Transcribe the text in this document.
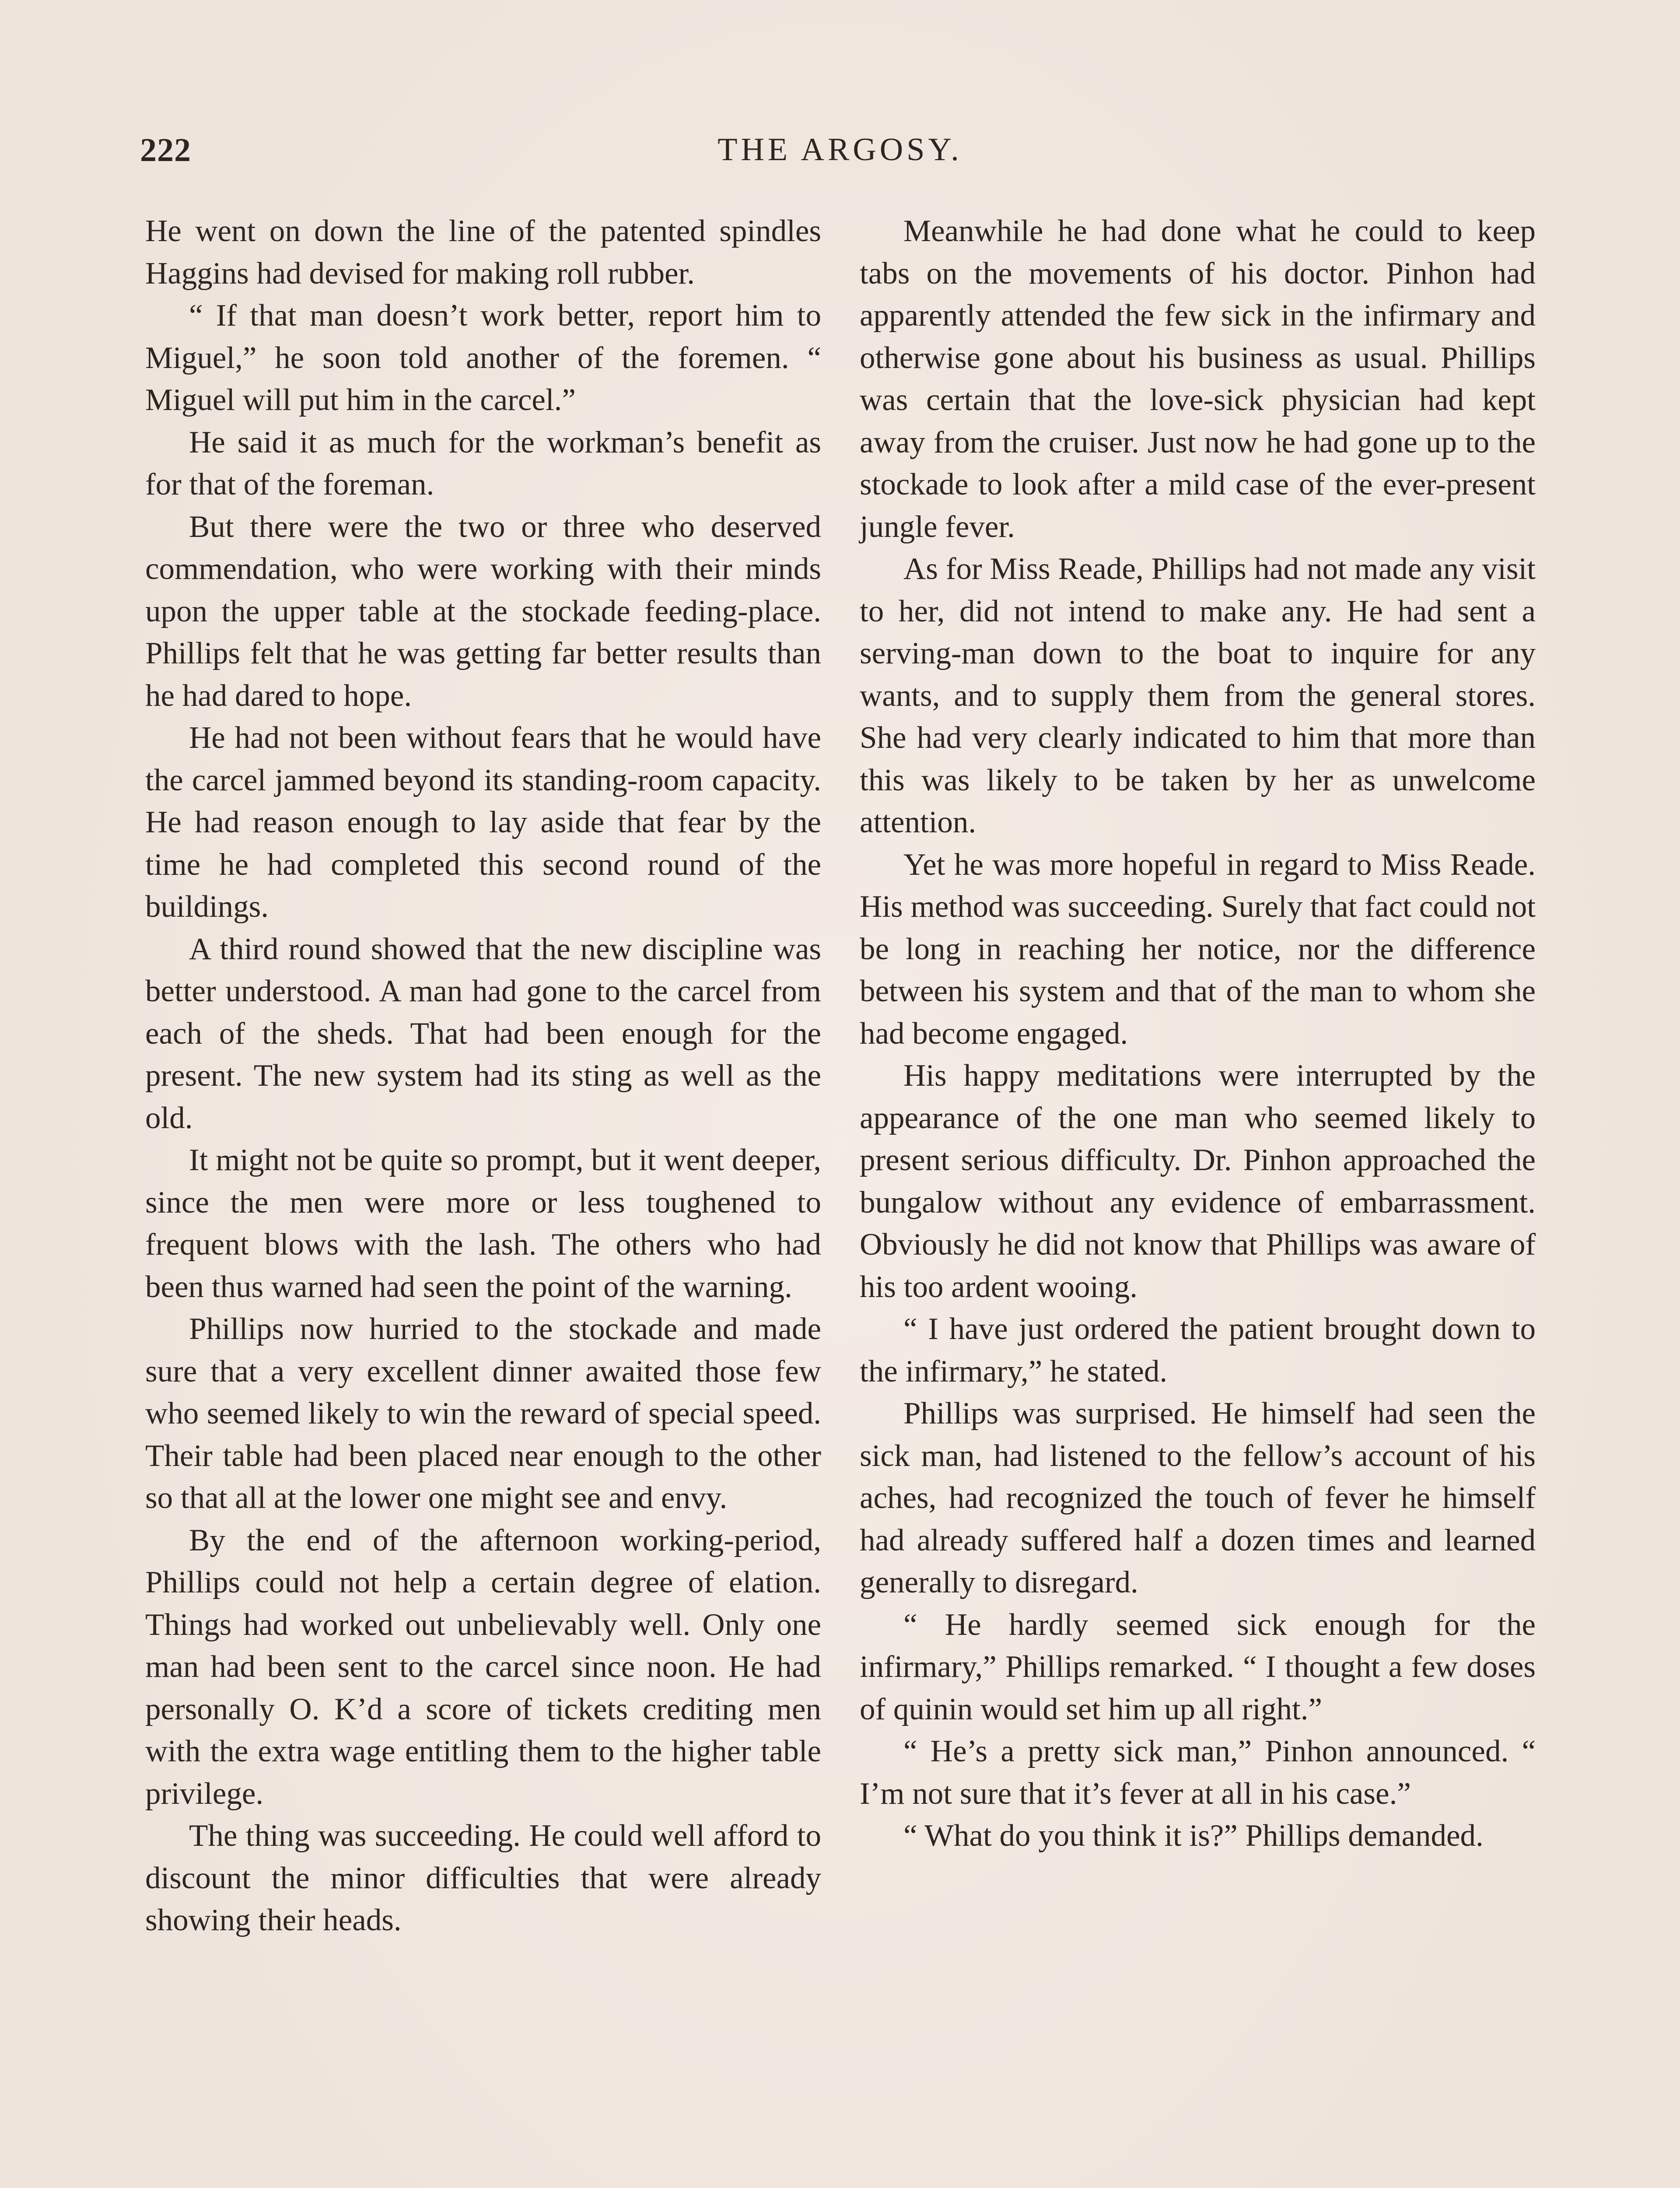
222	THE ARGOSY.

He went on down the line of the patented spindles Haggins had devised for making roll rubber.

“ If that man doesn’t work better, report him to Miguel,” he soon told another of the foremen. “ Miguel will put him in the carcel.”

He said it as much for the workman’s benefit as for that of the foreman.

But there were the two or three who deserved commendation, who were working with their minds upon the upper table at the stockade feeding-place. Phillips felt that he was getting far better results than he had dared to hope.

He had not been without fears that he would have the carcel jammed beyond its standing-room capacity. He had reason enough to lay aside that fear by the time he had completed this second round of the buildings.

A third round showed that the new discipline was better understood. A man had gone to the carcel from each of the sheds. That had been enough for the present. The new system had its sting as well as the old.

It might not be quite so prompt, but it went deeper, since the men were more or less toughened to frequent blows with the lash. The others who had been thus warned had seen the point of the warning.

Phillips now hurried to the stockade and made sure that a very excellent dinner awaited those few who seemed likely to win the reward of special speed. Their table had been placed near enough to the other so that all at the lower one might see and envy.

By the end of the afternoon working-period, Phillips could not help a certain degree of elation. Things had worked out unbelievably well. Only one man had been sent to the carcel since noon. He had personally O. K’d a score of tickets crediting men with the extra wage entitling them to the higher table privilege.

The thing was succeeding. He could well afford to discount the minor difficulties that were already showing their heads.

Meanwhile he had done what he could to keep tabs on the movements of his doctor. Pinhon had apparently attended the few sick in the infirmary and otherwise gone about his business as usual. Phillips was certain that the love-sick physician had kept away from the cruiser. Just now he had gone up to the stockade to look after a mild case of the ever-present jungle fever.

As for Miss Reade, Phillips had not made any visit to her, did not intend to make any. He had sent a serving-man down to the boat to inquire for any wants, and to supply them from the general stores. She had very clearly indicated to him that more than this was likely to be taken by her as unwelcome attention.

Yet he was more hopeful in regard to Miss Reade. His method was succeeding. Surely that fact could not be long in reaching her notice, nor the difference between his system and that of the man to whom she had become engaged.

His happy meditations were interrupted by the appearance of the one man who seemed likely to present serious difficulty. Dr. Pinhon approached the bungalow without any evidence of embarrassment. Obviously he did not know that Phillips was aware of his too ardent wooing.

“ I have just ordered the patient brought down to the infirmary,” he stated.

Phillips was surprised. He himself had seen the sick man, had listened to the fellow’s account of his aches, had recognized the touch of fever he himself had already suffered half a dozen times and learned generally to disregard.

“ He hardly seemed sick enough for the infirmary,” Phillips remarked. “ I thought a few doses of quinin would set him up all right.”

“ He’s a pretty sick man,” Pinhon announced. “ I’m not sure that it’s fever at all in his case.”

“ What do you think it is?” Phillips demanded.
